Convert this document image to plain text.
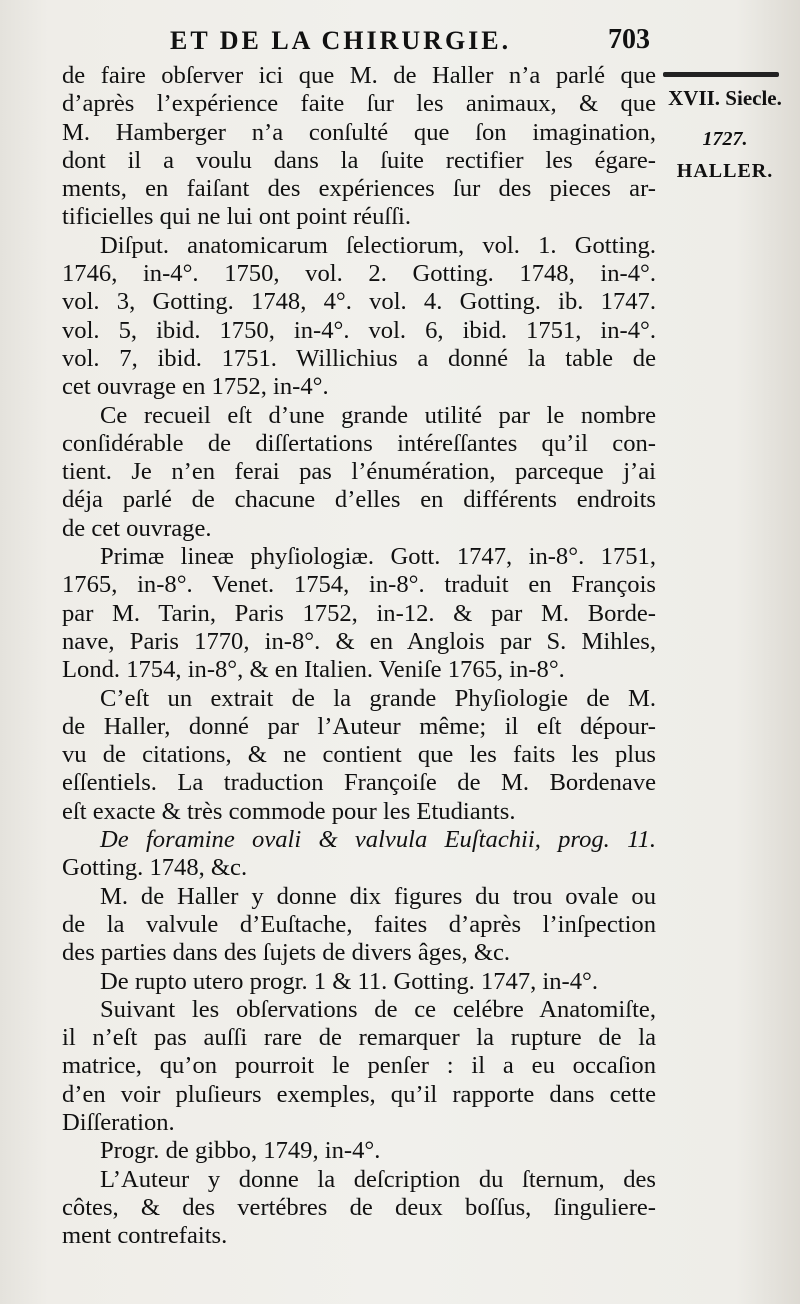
ET DE LA CHIRURGIE.	703
XVII. Siecle.
1727.
HALLER.

de faire obſerver ici que M. de Haller n’a parlé que

d’après l’expérience faite ſur les animaux, & que

M. Hamberger n’a conſulté que ſon imagination,

dont il a voulu dans la ſuite rectifier les égare-

ments, en faiſant des expériences ſur des pieces ar-

tificielles qui ne lui ont point réuſſi.

Diſput. anatomicarum ſelectiorum, vol. 1. Gotting.

1746, in-4°. 1750, vol. 2. Gotting. 1748, in-4°.

vol. 3, Gotting. 1748, 4°. vol. 4. Gotting. ib. 1747.

vol. 5, ibid. 1750, in-4°. vol. 6, ibid. 1751, in-4°.

vol. 7, ibid. 1751. Willichius a donné la table de

cet ouvrage en 1752, in-4°.

Ce recueil eſt d’une grande utilité par le nombre

conſidérable de diſſertations intéreſſantes qu’il con-

tient. Je n’en ferai pas l’énumération, parceque j’ai

déja parlé de chacune d’elles en différents endroits

de cet ouvrage.

Primæ lineæ phyſiologiæ. Gott. 1747, in-8°. 1751,

1765, in-8°. Venet. 1754, in-8°. traduit en François

par M. Tarin, Paris 1752, in-12. & par M. Borde-

nave, Paris 1770, in-8°. & en Anglois par S. Mihles,

Lond. 1754, in-8°, & en Italien. Veniſe 1765, in-8°.

C’eſt un extrait de la grande Phyſiologie de M.

de Haller, donné par l’Auteur même; il eſt dépour-

vu de citations, & ne contient que les faits les plus

eſſentiels. La traduction Françoiſe de M. Bordenave

eſt exacte & très commode pour les Etudiants.

De foramine ovali & valvula Euſtachii, prog. 11.

Gotting. 1748, &c.

M. de Haller y donne dix figures du trou ovale ou

de la valvule d’Euſtache, faites d’après l’inſpection

des parties dans des ſujets de divers âges, &c.

De rupto utero progr. 1 & 11. Gotting. 1747, in-4°.

Suivant les obſervations de ce celébre Anatomiſte,

il n’eſt pas auſſi rare de remarquer la rupture de la

matrice, qu’on pourroit le penſer : il a eu occaſion

d’en voir pluſieurs exemples, qu’il rapporte dans cette

Diſſeration.

Progr. de gibbo, 1749, in-4°.

L’Auteur y donne la deſcription du ſternum, des

côtes, & des vertébres de deux boſſus, ſinguliere-

ment contrefaits.
